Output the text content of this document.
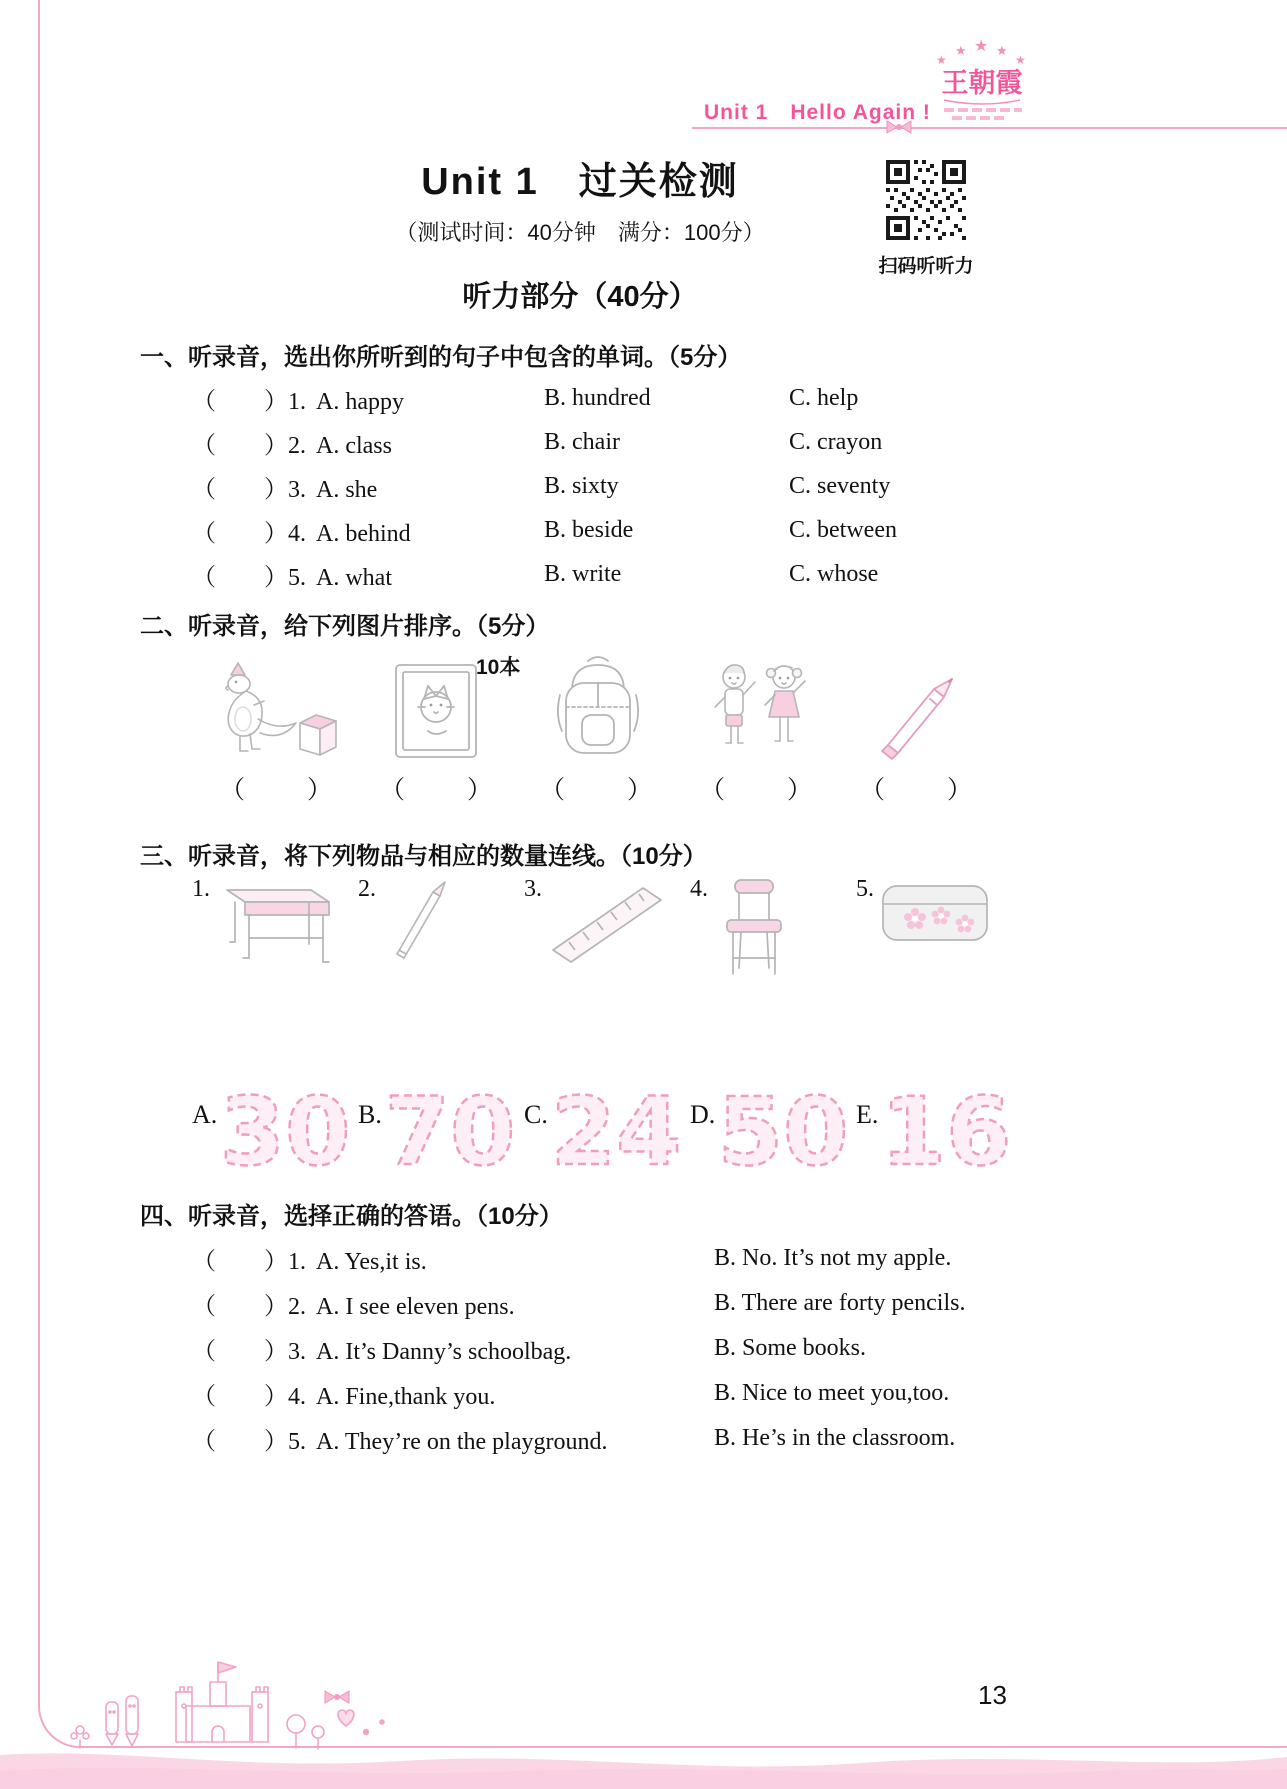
Unit 1　Hello Again !
★
★ ★ ★
★
王朝霞
Unit 1　过关检测
（测试时间：40分钟　满分：100分）
扫码听听力
听力部分（40分）
一、听录音，选出你所听到的句子中包含的单词。（5分）
（　　）1. A. happy	B. hundred	C. help
（　　）2. A. class	B. chair	C. crayon
（　　）3. A. she	B. sixty	C. seventy
（　　）4. A. behind	B. beside	C. between
（　　）5. A. what	B. write	C. whose
二、听录音，给下列图片排序。（5分）
10本
（　　）	（　　）	（　　）	（　　）	（　　）
三、听录音，将下列物品与相应的数量连线。（10分）
1.	2.	3.	4.	5.
A. 30 B. 70 C. 24 D. 50 E. 16
四、听录音，选择正确的答语。（10分）
（　　）1. A. Yes,it is.	B. No. It’s not my apple.
（　　）2. A. I see eleven pens.	B. There are forty pencils.
（　　）3. A. It’s Danny’s schoolbag.	B. Some books.
（　　）4. A. Fine,thank you.	B. Nice to meet you,too.
（　　）5. A. They’re on the playground.	B. He’s in the classroom.
13
